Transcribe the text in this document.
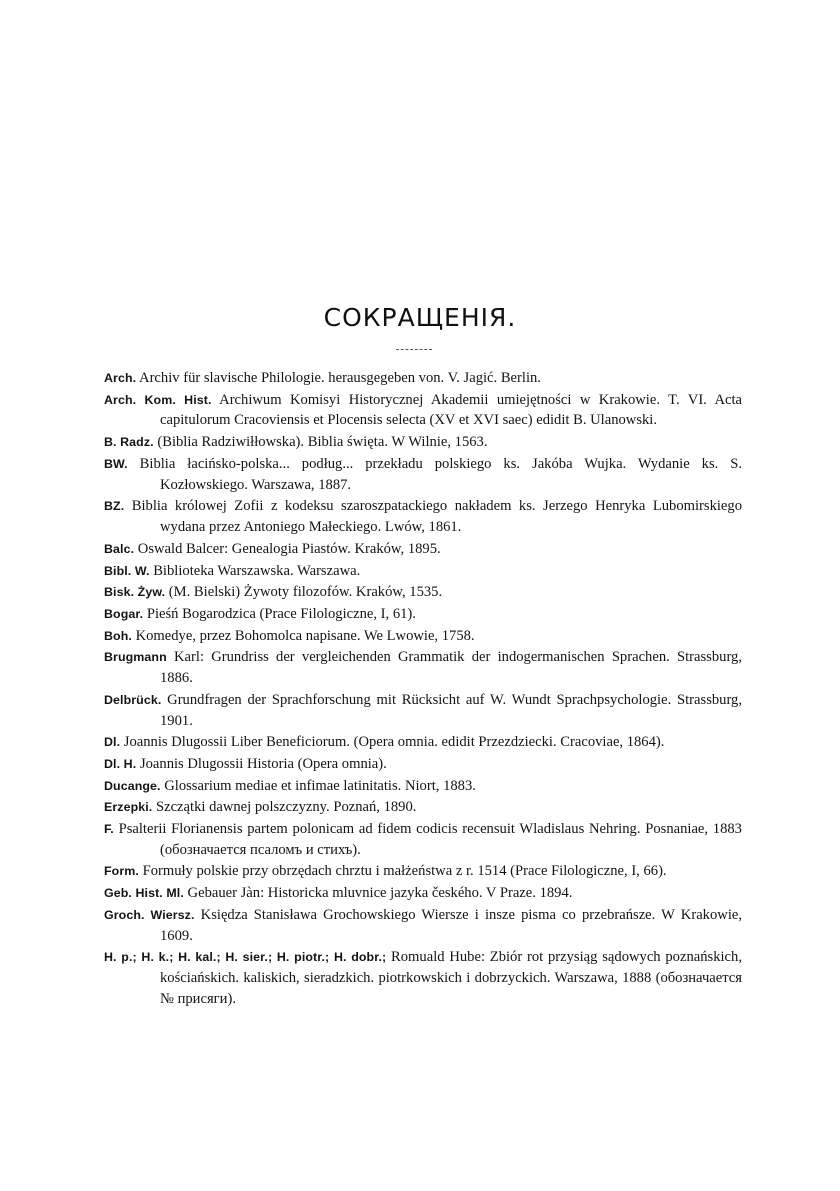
СОКРАЩЕНІЯ.

Arch. Archiv für slavische Philologie. herausgegeben von. V. Jagić. Berlin.

Arch. Kom. Hist. Archiwum Komisyi Historycznej Akademii umiejętności w Krakowie. T. VI. Acta capitulorum Cracoviensis et Plocensis selecta (XV et XVI saec) edidit B. Ulanowski.

B. Radz. (Biblia Radziwiłłowska). Biblia święta. W Wilnie, 1563.

BW. Biblia łacińsko-polska... podług... przekładu polskiego ks. Jakóba Wujka. Wydanie ks. S. Kozłowskiego. Warszawa, 1887.

BZ. Biblia królowej Zofii z kodeksu szaroszpatackiego nakładem ks. Jerzego Henryka Lubomirskiego wydana przez Antoniego Małeckiego. Lwów, 1861.

Balc. Oswald Balcer: Genealogia Piastów. Kraków, 1895.

Bibl. W. Biblioteka Warszawska. Warszawa.

Bisk. Żyw. (M. Bielski) Żywoty filozofów. Kraków, 1535.

Bogar. Pieśń Bogarodzica (Prace Filologiczne, I, 61).

Boh. Komedye, przez Bohomolca napisane. We Lwowie, 1758.

Brugmann Karl: Grundriss der vergleichenden Grammatik der indogermanischen Sprachen. Strassburg, 1886.

Delbrück. Grundfragen der Sprachforschung mit Rücksicht auf W. Wundt Sprachpsychologie. Strassburg, 1901.

Dl. Joannis Dlugossii Liber Beneficiorum. (Opera omnia. edidit Przezdziecki. Cracoviae, 1864).

Dl. H. Joannis Dlugossii Historia (Opera omnia).

Ducange. Glossarium mediae et infimae latinitatis. Niort, 1883.

Erzepki. Szczątki dawnej polszczyzny. Poznań, 1890.

F. Psalterii Florianensis partem polonicam ad fidem codicis recensuit Wladislaus Nehring. Posnaniae, 1883 (обозначается псаломъ и стихъ).

Form. Formuły polskie przy obrzędach chrztu i małżeństwa z r. 1514 (Prace Filologiczne, I, 66).

Geb. Hist. Ml. Gebauer Jàn: Historicka mluvnice jazyka českého. V Praze. 1894.

Groch. Wiersz. Księdza Stanisława Grochowskiego Wiersze i insze pisma co przebrańsze. W Krakowie, 1609.

H. p.; H. k.; H. kal.; H. sier.; H. piotr.; H. dobr.; Romuald Hube: Zbiór rot przysiąg sądowych poznańskich, kościańskich. kaliskich, sieradzkich. piotrkowskich i dobrzyckich. Warszawa, 1888 (обозначается № присяги).
